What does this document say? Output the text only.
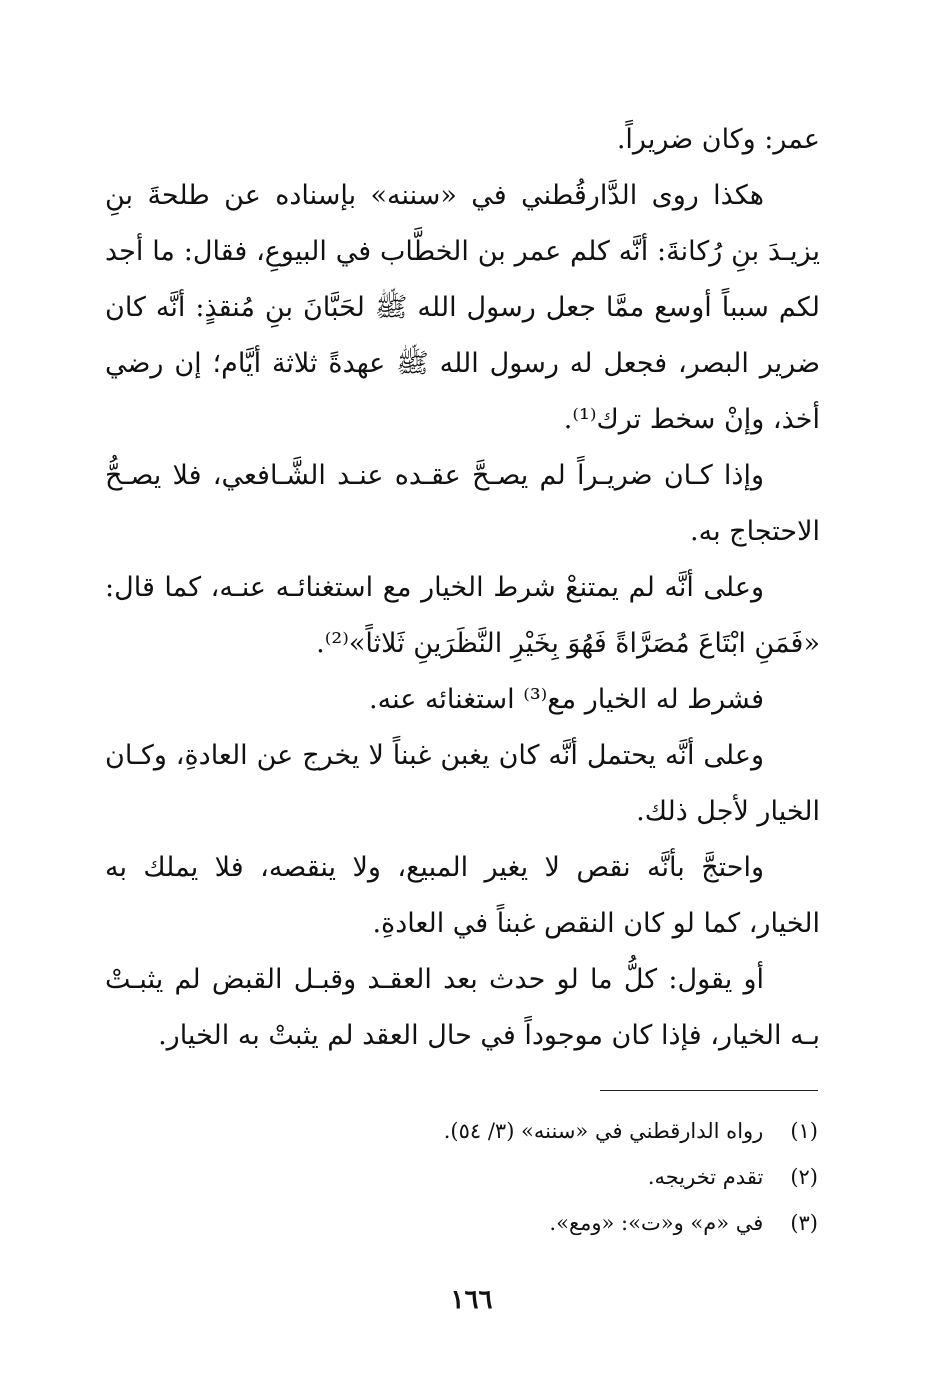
عمر: وكان ضريراً.

هكذا روى الدَّارقُطني في «سننه» بإسناده عن طلحةَ بنِ يزيـدَ بنِ رُكانةَ: أنَّه كلم عمر بن الخطَّاب في البيوعِ، فقال: ما أجد لكم سبباً أوسع ممَّا جعل رسول الله ﷺ لحَبَّانَ بنِ مُنقذٍ: أنَّه كان ضرير البصر، فجعل له رسول الله ﷺ عهدةً ثلاثة أيَّام؛ إن رضي أخذ، وإنْ سخط ترك⁽¹⁾.

وإذا كـان ضريـراً لم يصـحَّ عقـده عنـد الشَّـافعي، فلا يصـحُّ الاحتجاج به.

وعلى أنَّه لم يمتنعْ شرط الخيار مع استغنائـه عنـه، كما قال: «فَمَنِ ابْتَاعَ مُصَرَّاةً فَهُوَ بِخَيْرِ النَّظَرَينِ ثَلاثاً»⁽²⁾.

فشرط له الخيار مع⁽³⁾ استغنائه عنه.

وعلى أنَّه يحتمل أنَّه كان يغبن غبناً لا يخرج عن العادةِ، وكـان الخيار لأجل ذلك.

واحتجَّ بأنَّه نقص لا يغير المبيع، ولا ينقصه، فلا يملك به الخيار، كما لو كان النقص غبناً في العادةِ.

أو يقول: كلُّ ما لو حدث بعد العقـد وقبـل القبض لم يثبـتْ بـه الخيار، فإذا كان موجوداً في حال العقد لم يثبتْ به الخيار.

(١) رواه الدارقطني في «سننه» (٣/ ٥٤).
(٢) تقدم تخريجه.
(٣) في «م» و«ت»: «ومع».
١٦٦
